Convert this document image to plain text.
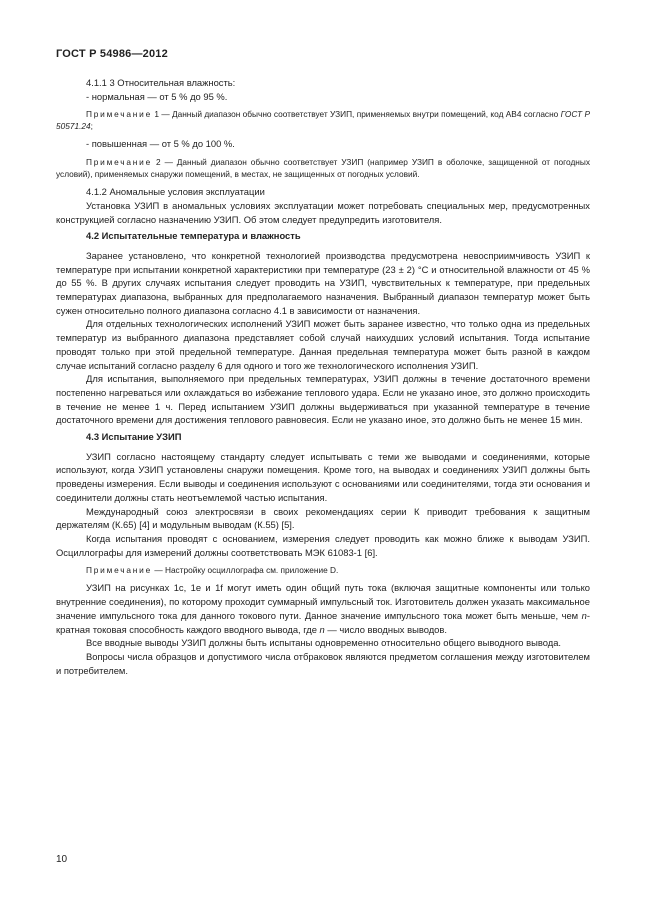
ГОСТ Р 54986—2012

4.1.1 3 Относительная влажность:

- нормальная — от 5 % до 95 %.

Примечание 1 — Данный диапазон обычно соответствует УЗИП, применяемых внутри помещений, код АВ4 согласно ГОСТ Р 50571.24;

- повышенная — от 5 % до 100 %.

Примечание 2 — Данный диапазон обычно соответствует УЗИП (например УЗИП в оболочке, защищенной от погодных условий), применяемых снаружи помещений, в местах, не защищенных от погодных условий.

4.1.2 Аномальные условия эксплуатации

Установка УЗИП в аномальных условиях эксплуатации может потребовать специальных мер, предусмотренных конструкцией согласно назначению УЗИП. Об этом следует предупредить изготовителя.

4.2 Испытательные температура и влажность

Заранее установлено, что конкретной технологией производства предусмотрена невосприимчивость УЗИП к температуре при испытании конкретной характеристики при температуре (23 ± 2) °С и относительной влажности от 45 % до 55 %. В других случаях испытания следует проводить на УЗИП, чувствительных к температуре, при предельных температурах диапазона, выбранных для предполагаемого назначения. Выбранный диапазон температур может быть сужен относительно полного диапазона согласно 4.1 в зависимости от назначения.

Для отдельных технологических исполнений УЗИП может быть заранее известно, что только одна из предельных температур из выбранного диапазона представляет собой случай наихудших условий испытания. Тогда испытание проводят только при этой предельной температуре. Данная предельная температура может быть разной в каждом случае испытаний согласно разделу 6 для одного и того же технологического исполнения УЗИП.

Для испытания, выполняемого при предельных температурах, УЗИП должны в течение достаточного времени постепенно нагреваться или охлаждаться во избежание теплового удара. Если не указано иное, это должно происходить в течение не менее 1 ч. Перед испытанием УЗИП должны выдерживаться при указанной температуре в течение достаточного времени для достижения теплового равновесия. Если не указано иное, это должно быть не менее 15 мин.

4.3 Испытание УЗИП

УЗИП согласно настоящему стандарту следует испытывать с теми же выводами и соединениями, которые используют, когда УЗИП установлены снаружи помещения. Кроме того, на выводах и соединениях УЗИП должны быть проведены измерения. Если выводы и соединения используют с основаниями или соединителями, тогда эти основания и соединители должны стать неотъемлемой частью испытания.

Международный союз электросвязи в своих рекомендациях серии К приводит требования к защитным держателям (К.65) [4] и модульным выводам (К.55) [5].

Когда испытания проводят с основанием, измерения следует проводить как можно ближе к выводам УЗИП. Осциллографы для измерений должны соответствовать МЭК 61083-1 [6].

Примечание — Настройку осциллографа см. приложение D.

УЗИП на рисунках 1с, 1е и 1f могут иметь один общий путь тока (включая защитные компоненты или только внутренние соединения), по которому проходит суммарный импульсный ток. Изготовитель должен указать максимальное значение импульсного тока для данного токового пути. Данное значение импульсного тока может быть меньше, чем n-кратная токовая способность каждого вводного вывода, где n — число вводных выводов.

Все вводные выводы УЗИП должны быть испытаны одновременно относительно общего выводного вывода.

Вопросы числа образцов и допустимого числа отбраковок являются предметом соглашения между изготовителем и потребителем.

10
